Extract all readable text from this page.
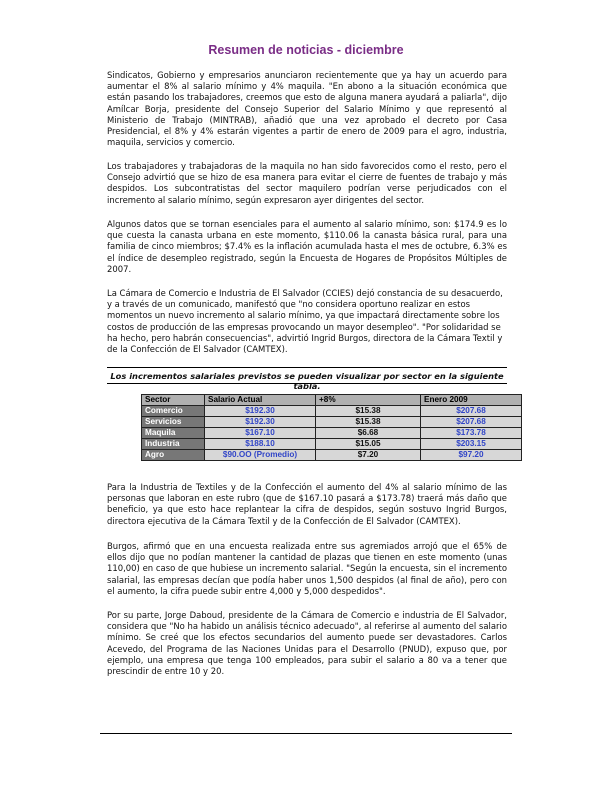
Resumen de noticias - diciembre

Sindicatos, Gobierno y empresarios anunciaron recientemente que ya hay un acuerdo para aumentar el 8% al salario mínimo y 4% maquila. "En abono a la situación económica que están pasando los trabajadores, creemos que esto de alguna manera ayudará a paliarla", dijo Amílcar Borja, presidente del Consejo Superior del Salario Mínimo y que representó al Ministerio de Trabajo (MINTRAB), añadió que una vez aprobado el decreto por Casa Presidencial, el 8% y 4% estarán vigentes a partir de enero de 2009 para el agro, industria, maquila, servicios y comercio.

Los trabajadores y trabajadoras de la maquila no han sido favorecidos como el resto, pero el Consejo advirtió que se hizo de esa manera para evitar el cierre de fuentes de trabajo y más despidos. Los subcontratistas del sector maquilero podrían verse perjudicados con el incremento al salario mínimo, según expresaron ayer dirigentes del sector.

Algunos datos que se tornan esenciales para el aumento al salario mínimo, son: $174.9 es lo que cuesta la canasta urbana en este momento, $110.06 la canasta básica rural, para una familia de cinco miembros; $7.4% es la inflación acumulada hasta el mes de octubre, 6.3% es el índice de desempleo registrado, según la Encuesta de Hogares de Propósitos Múltiples de 2007.

La Cámara de Comercio e Industria de El Salvador (CCIES) dejó constancia de su desacuerdo, y a través de un comunicado, manifestó que "no considera oportuno realizar en estos momentos un nuevo incremento al salario mínimo, ya que impactará directamente sobre los costos de producción de las empresas provocando un mayor desempleo". "Por solidaridad se ha hecho, pero habrán consecuencias", advirtió Ingrid Burgos, directora de la Cámara Textil y de la Confección de El Salvador (CAMTEX).

Los incrementos salariales previstos se pueden visualizar por sector en la siguiente tabla.
Sector	Salario Actual	+8%	Enero 2009
Comercio	$192.30	$15.38	$207.68
Servicios	$192.30	$15.38	$207.68
Maquila	$167.10	$6.68	$173.78
Industria	$188.10	$15.05	$203.15
Agro	$90.OO (Promedio)	$7.20	$97.20

Para la Industria de Textiles y de la Confección el aumento del 4% al salario mínimo de las personas que laboran en este rubro (que de $167.10 pasará a $173.78) traerá más daño que beneficio, ya que esto hace replantear la cifra de despidos, según sostuvo Ingrid Burgos, directora ejecutiva de la Cámara Textil y de la Confección de El Salvador (CAMTEX).

Burgos, afirmó que en una encuesta realizada entre sus agremiados arrojó que el 65% de ellos dijo que no podían mantener la cantidad de plazas que tienen en este momento (unas 110,00) en caso de que hubiese un incremento salarial. "Según la encuesta, sin el incremento salarial, las empresas decían que podía haber unos 1,500 despidos (al final de año), pero con el aumento, la cifra puede subir entre 4,000 y 5,000 despedidos".

Por su parte, Jorge Daboud, presidente de la Cámara de Comercio e industria de El Salvador, considera que "No ha habido un análisis técnico adecuado", al referirse al aumento del salario mínimo. Se creé que los efectos secundarios del aumento puede ser devastadores. Carlos Acevedo, del Programa de las Naciones Unidas para el Desarrollo (PNUD), expuso que, por ejemplo, una empresa que tenga 100 empleados, para subir el salario a 80 va a tener que prescindir de entre 10 y 20.
